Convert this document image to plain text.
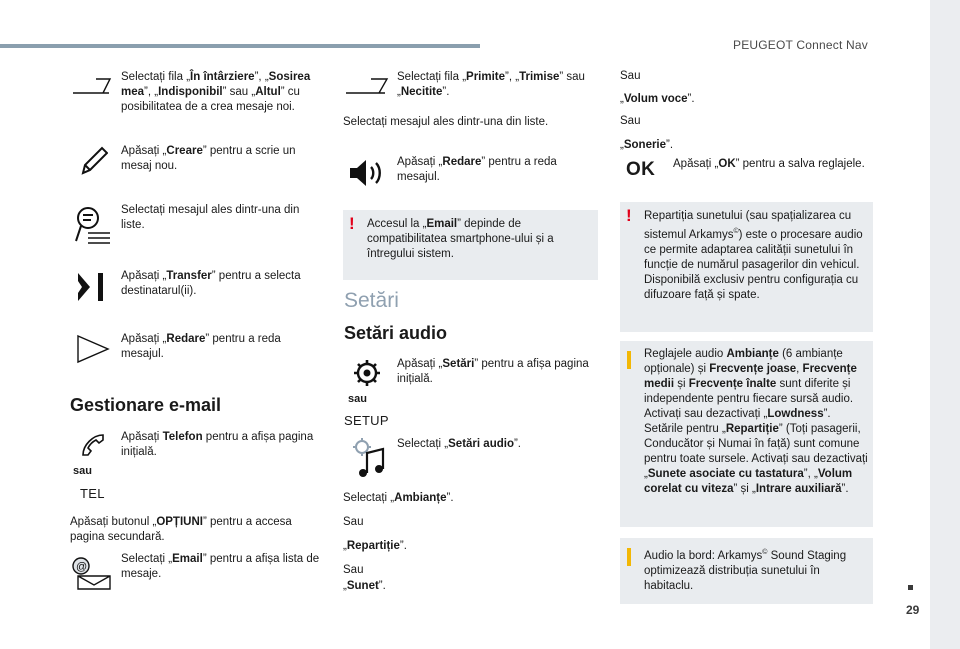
PEUGEOT Connect Nav
29
Selectați fila „În întârziere”, „Sosirea mea”, „Indisponibil” sau „Altul” cu posibilitatea de a crea mesaje noi.
Apăsați „Creare” pentru a scrie un mesaj nou.
Selectați mesajul ales dintr-una din liste.
Apăsați „Transfer” pentru a selecta destinatarul(ii).
Apăsați „Redare” pentru a reda mesajul.
Gestionare e-mail
sau
TEL
Apăsați Telefon pentru a afișa pagina inițială.
Apăsați butonul „OPȚIUNI” pentru a accesa pagina secundară.
@
Selectați „Email” pentru a afișa lista de mesaje.
Selectați fila „Primite”, „Trimise” sau „Necitite”.
Selectați mesajul ales dintr-una din liste.
Apăsați „Redare” pentru a reda mesajul.
! Accesul la „Email” depinde de compatibilitatea smartphone-ului și a întregului sistem.
Setări
Setări audio
sau
SETUP
Apăsați „Setări” pentru a afișa pagina inițială.
Selectați „Setări audio”.
Selectați „Ambianțe”.
Sau
„Repartiție”.
Sau
„Sunet”.
Sau
„Volum voce”.
Sau
„Sonerie”.
OK Apăsați „OK” pentru a salva reglajele.
! Repartiția sunetului (sau spațializarea cu sistemul Arkamys©) este o procesare audio ce permite adaptarea calității sunetului în funcție de numărul pasagerilor din vehicul. Disponibilă exclusiv pentru configurația cu difuzoare față și spate.
Reglajele audio Ambianțe (6 ambianțe opționale) și Frecvențe joase, Frecvențe medii și Frecvențe înalte sunt diferite și independente pentru fiecare sursă audio. Activați sau dezactivați „Lowdness”. Setările pentru „Repartiție” (Toți pasagerii, Conducător și Numai în față) sunt comune pentru toate sursele. Activați sau dezactivați „Sunete asociate cu tastatura”, „Volum corelat cu viteza” și „Intrare auxiliară”.
Audio la bord: Arkamys© Sound Staging optimizează distribuția sunetului în habitaclu.
